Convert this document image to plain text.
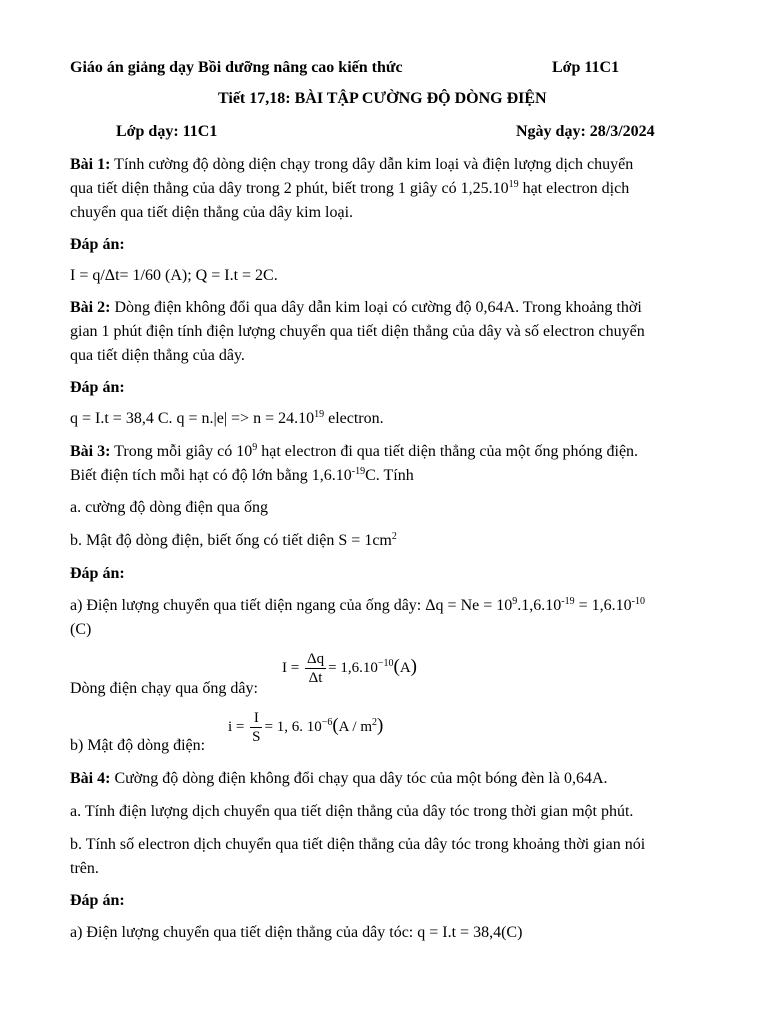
Giáo án giảng dạy Bồi dưỡng nâng cao kiến thức	Lớp 11C1
Tiết 17,18: BÀI TẬP CƯỜNG ĐỘ DÒNG ĐIỆN
Lớp dạy: 11C1	Ngày dạy: 28/3/2024
Bài 1: Tính cường độ dòng diện chạy trong dây dẫn kim loại và điện lượng dịch chuyển
qua tiết diện thẳng của dây trong 2 phút, biết trong 1 giây có 1,25.10$^{19}$ hạt electron dịch
chuyển qua tiết diện thẳng của dây kim loại.
Đáp án:
I = q/Δt= 1/60 (A); Q = I.t = 2C.
Bài 2: Dòng điện không đổi qua dây dẫn kim loại có cường độ 0,64A. Trong khoảng thời
gian 1 phút điện tính điện lượng chuyển qua tiết diện thẳng của dây và số electron chuyển
qua tiết diện thẳng của dây.
Đáp án:
q = I.t = 38,4 C. $q = n.|e| => n = 24.10^{19}$ electron.
Bài 3: Trong mỗi giây có $10^9$ hạt electron đi qua tiết diện thẳng của một ống phóng điện.
Biết điện tích mỗi hạt có độ lớn bằng $1,6.10^{-19}C$. Tính
a. cường độ dòng điện qua ống
b. Mật độ dòng điện, biết ống có tiết diện $S = 1cm^2$
Đáp án:
a) Điện lượng chuyển qua tiết diện ngang của ống dây: $\Delta q = Ne = 10^9.1,6.10^{-19} = 1,6.10^{-10}$
(C)
Dòng điện chạy qua ống dây:
$I = \frac{\Delta q}{\Delta t} = 1,6.10^{-10}(A)$
b) Mật độ dòng điện:
$i = \frac{I}{S} = 1$, 6. $10^{-6}(A / m^2)$
Bài 4: Cường độ dòng điện không đổi chạy qua dây tóc của một bóng đèn là 0,64A.
a. Tính điện lượng dịch chuyển qua tiết diện thẳng của dây tóc trong thời gian một phút.
b. Tính số electron dịch chuyển qua tiết diện thẳng của dây tóc trong khoảng thời gian nói
trên.
Đáp án:
a) Điện lượng chuyển qua tiết diện thẳng của dây tóc: q = I.t = 38,4(C)
